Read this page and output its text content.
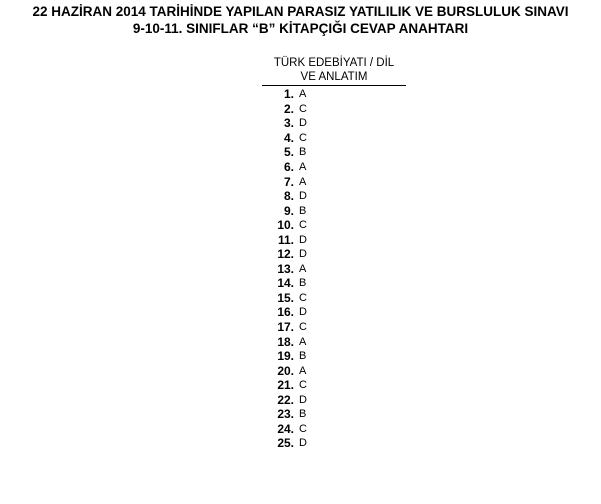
22 HAZİRAN 2014 TARİHİNDE YAPILAN PARASIZ YATILILIK VE BURSLULUK SINAVI
9-10-11. SINIFLAR “B” KİTAPÇIĞI CEVAP ANAHTARI
TÜRK EDEBİYATI / DİL
VE ANLATIM
1. A
2. C
3. D
4. C
5. B
6. A
7. A
8. D
9. B
10. C
11. D
12. D
13. A
14. B
15. C
16. D
17. C
18. A
19. B
20. A
21. C
22. D
23. B
24. C
25. D
